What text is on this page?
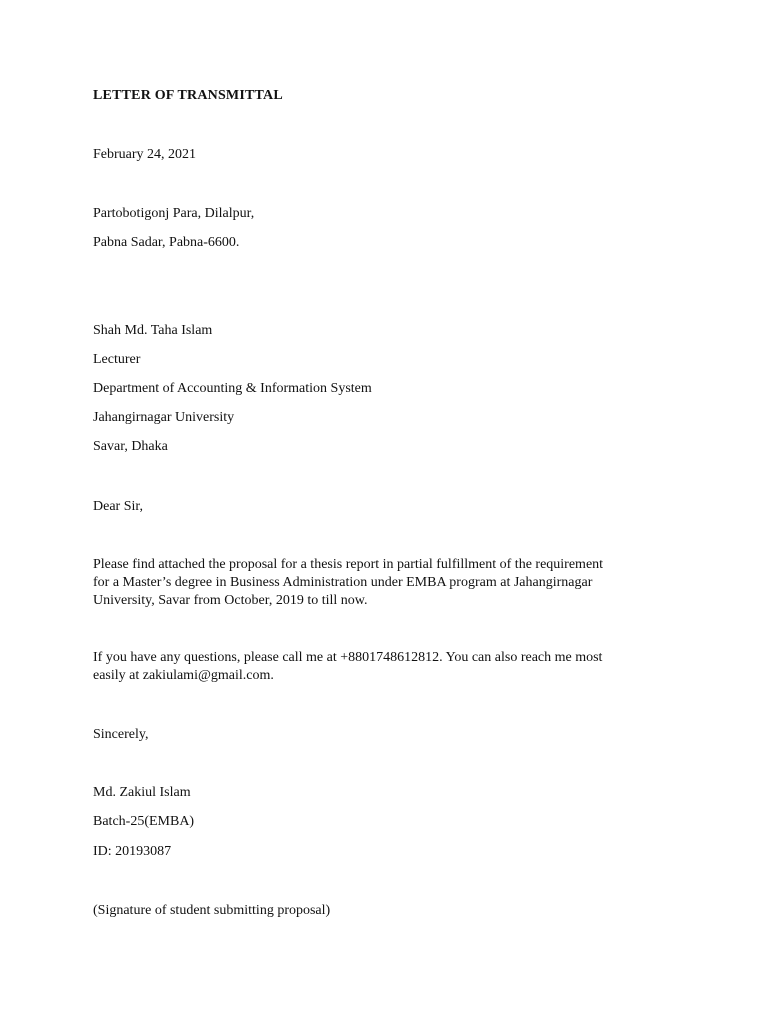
LETTER OF TRANSMITTAL
February 24, 2021
Partobotigonj Para, Dilalpur,
Pabna Sadar, Pabna-6600.
Shah Md. Taha Islam
Lecturer
Department of Accounting & Information System
Jahangirnagar University
Savar, Dhaka
Dear Sir,
Please find attached the proposal for a thesis report in partial fulfillment of the requirement
for a Master’s degree in Business Administration under EMBA program at Jahangirnagar
University, Savar from October, 2019 to till now.
If you have any questions, please call me at +8801748612812. You can also reach me most
easily at zakiulami@gmail.com.
Sincerely,
Md. Zakiul Islam
Batch-25(EMBA)
ID: 20193087
(Signature of student submitting proposal)
